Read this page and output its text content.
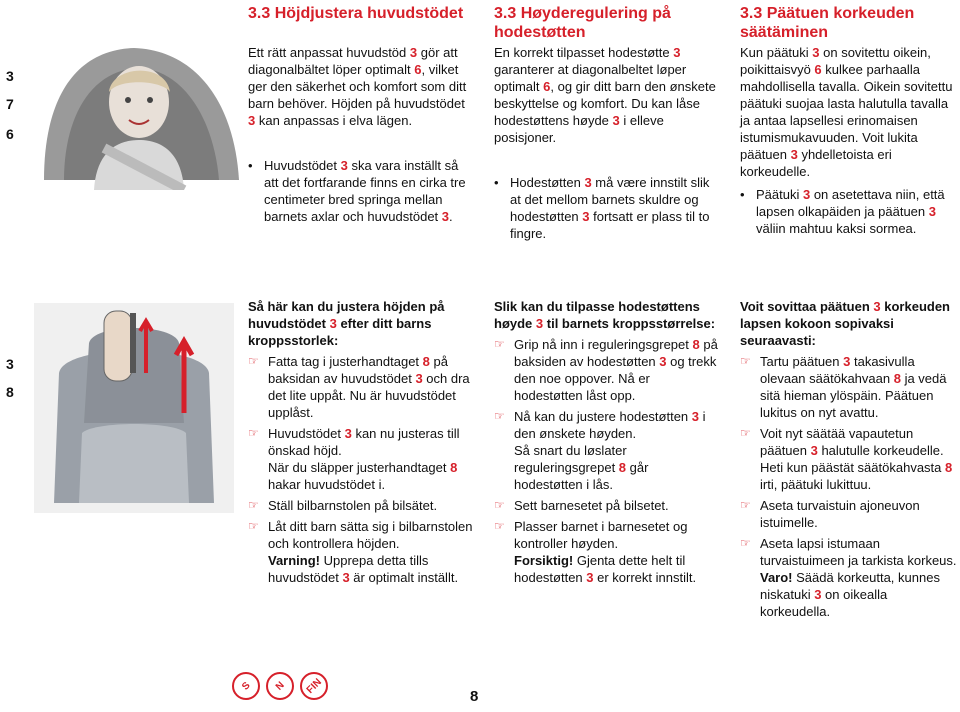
3
7
6
3
8
3.3 Höjdjustera huvudstödet

Ett rätt anpassat huvudstöd 3 gör att diagonalbältet löper optimalt 6, vilket ger den säkerhet och komfort som ditt barn behöver. Höjden på huvudstödet 3 kan anpassas i elva lägen.

• Huvudstödet 3 ska vara inställt så att det fortfarande finns en cirka tre centimeter bred springa mellan barnets axlar och huvudstödet 3.
3.3 Høyderegulering på hodestøtten

En korrekt tilpasset hodestøtte 3 garanterer at diagonalbeltet løper optimalt 6, og gir ditt barn den ønskete beskyttelse og komfort. Du kan låse hodestøttens høyde 3 i elleve posisjoner.

• Hodestøtten 3 må være innstilt slik at det mellom barnets skuldre og hodestøtten 3 fortsatt er plass til to fingre.
3.3 Päätuen korkeuden säätäminen

Kun päätuki 3 on sovitettu oikein, poikittaisvyö 6 kulkee parhaalla mahdollisella tavalla. Oikein sovitettu päätuki suojaa lasta halutulla tavalla ja antaa lapsellesi erinomaisen istumismukavuuden. Voit lukita päätuen 3 yhdelletoista eri korkeudelle.

• Päätuki 3 on asetettava niin, että lapsen olkapäiden ja päätuen 3 väliin mahtuu kaksi sormea.

Så här kan du justera höjden på huvudstödet 3 efter ditt barns kroppsstorlek:

☞ Fatta tag i justerhandtaget 8 på baksidan av huvudstödet 3 och dra det lite uppåt. Nu är huvudstödet upplåst.
☞ Huvudstödet 3 kan nu justeras till önskad höjd.
När du släpper justerhandtaget 8 hakar huvudstödet i.
☞ Ställ bilbarnstolen på bilsätet.
☞ Låt ditt barn sätta sig i bilbarnstolen och kontrollera höjden.
Varning! Upprepa detta tills huvudstödet 3 är optimalt inställt.

Slik kan du tilpasse hodestøttens høyde 3 til barnets kroppsstørrelse:

☞ Grip nå inn i reguleringsgrepet 8 på baksiden av hodestøtten 3 og trekk den noe oppover. Nå er hodestøtten låst opp.
☞ Nå kan du justere hodestøtten 3 i den ønskete høyden.
Så snart du løslater reguleringsgrepet 8 går hodestøtten i lås.
☞ Sett barnesetet på bilsetet.
☞ Plasser barnet i barnesetet og kontroller høyden.
Forsiktig! Gjenta dette helt til hodestøtten 3 er korrekt innstilt.

Voit sovittaa päätuen 3 korkeuden lapsen kokoon sopivaksi seuraavasti:

☞ Tartu päätuen 3 takasivulla olevaan säätökahvaan 8 ja vedä sitä hieman ylöspäin. Päätuen lukitus on nyt avattu.
☞ Voit nyt säätää vapautetun päätuen 3 halutulle korkeudelle.
Heti kun päästät säätökahvasta 8 irti, päätuki lukittuu.
☞ Aseta turvaistuin ajoneuvon istuimelle.
☞ Aseta lapsi istumaan turvaistuimeen ja tarkista korkeus.
Varo! Säädä korkeutta, kunnes niskatuki 3 on oikealla korkeudella.
S	N	FIN
8
